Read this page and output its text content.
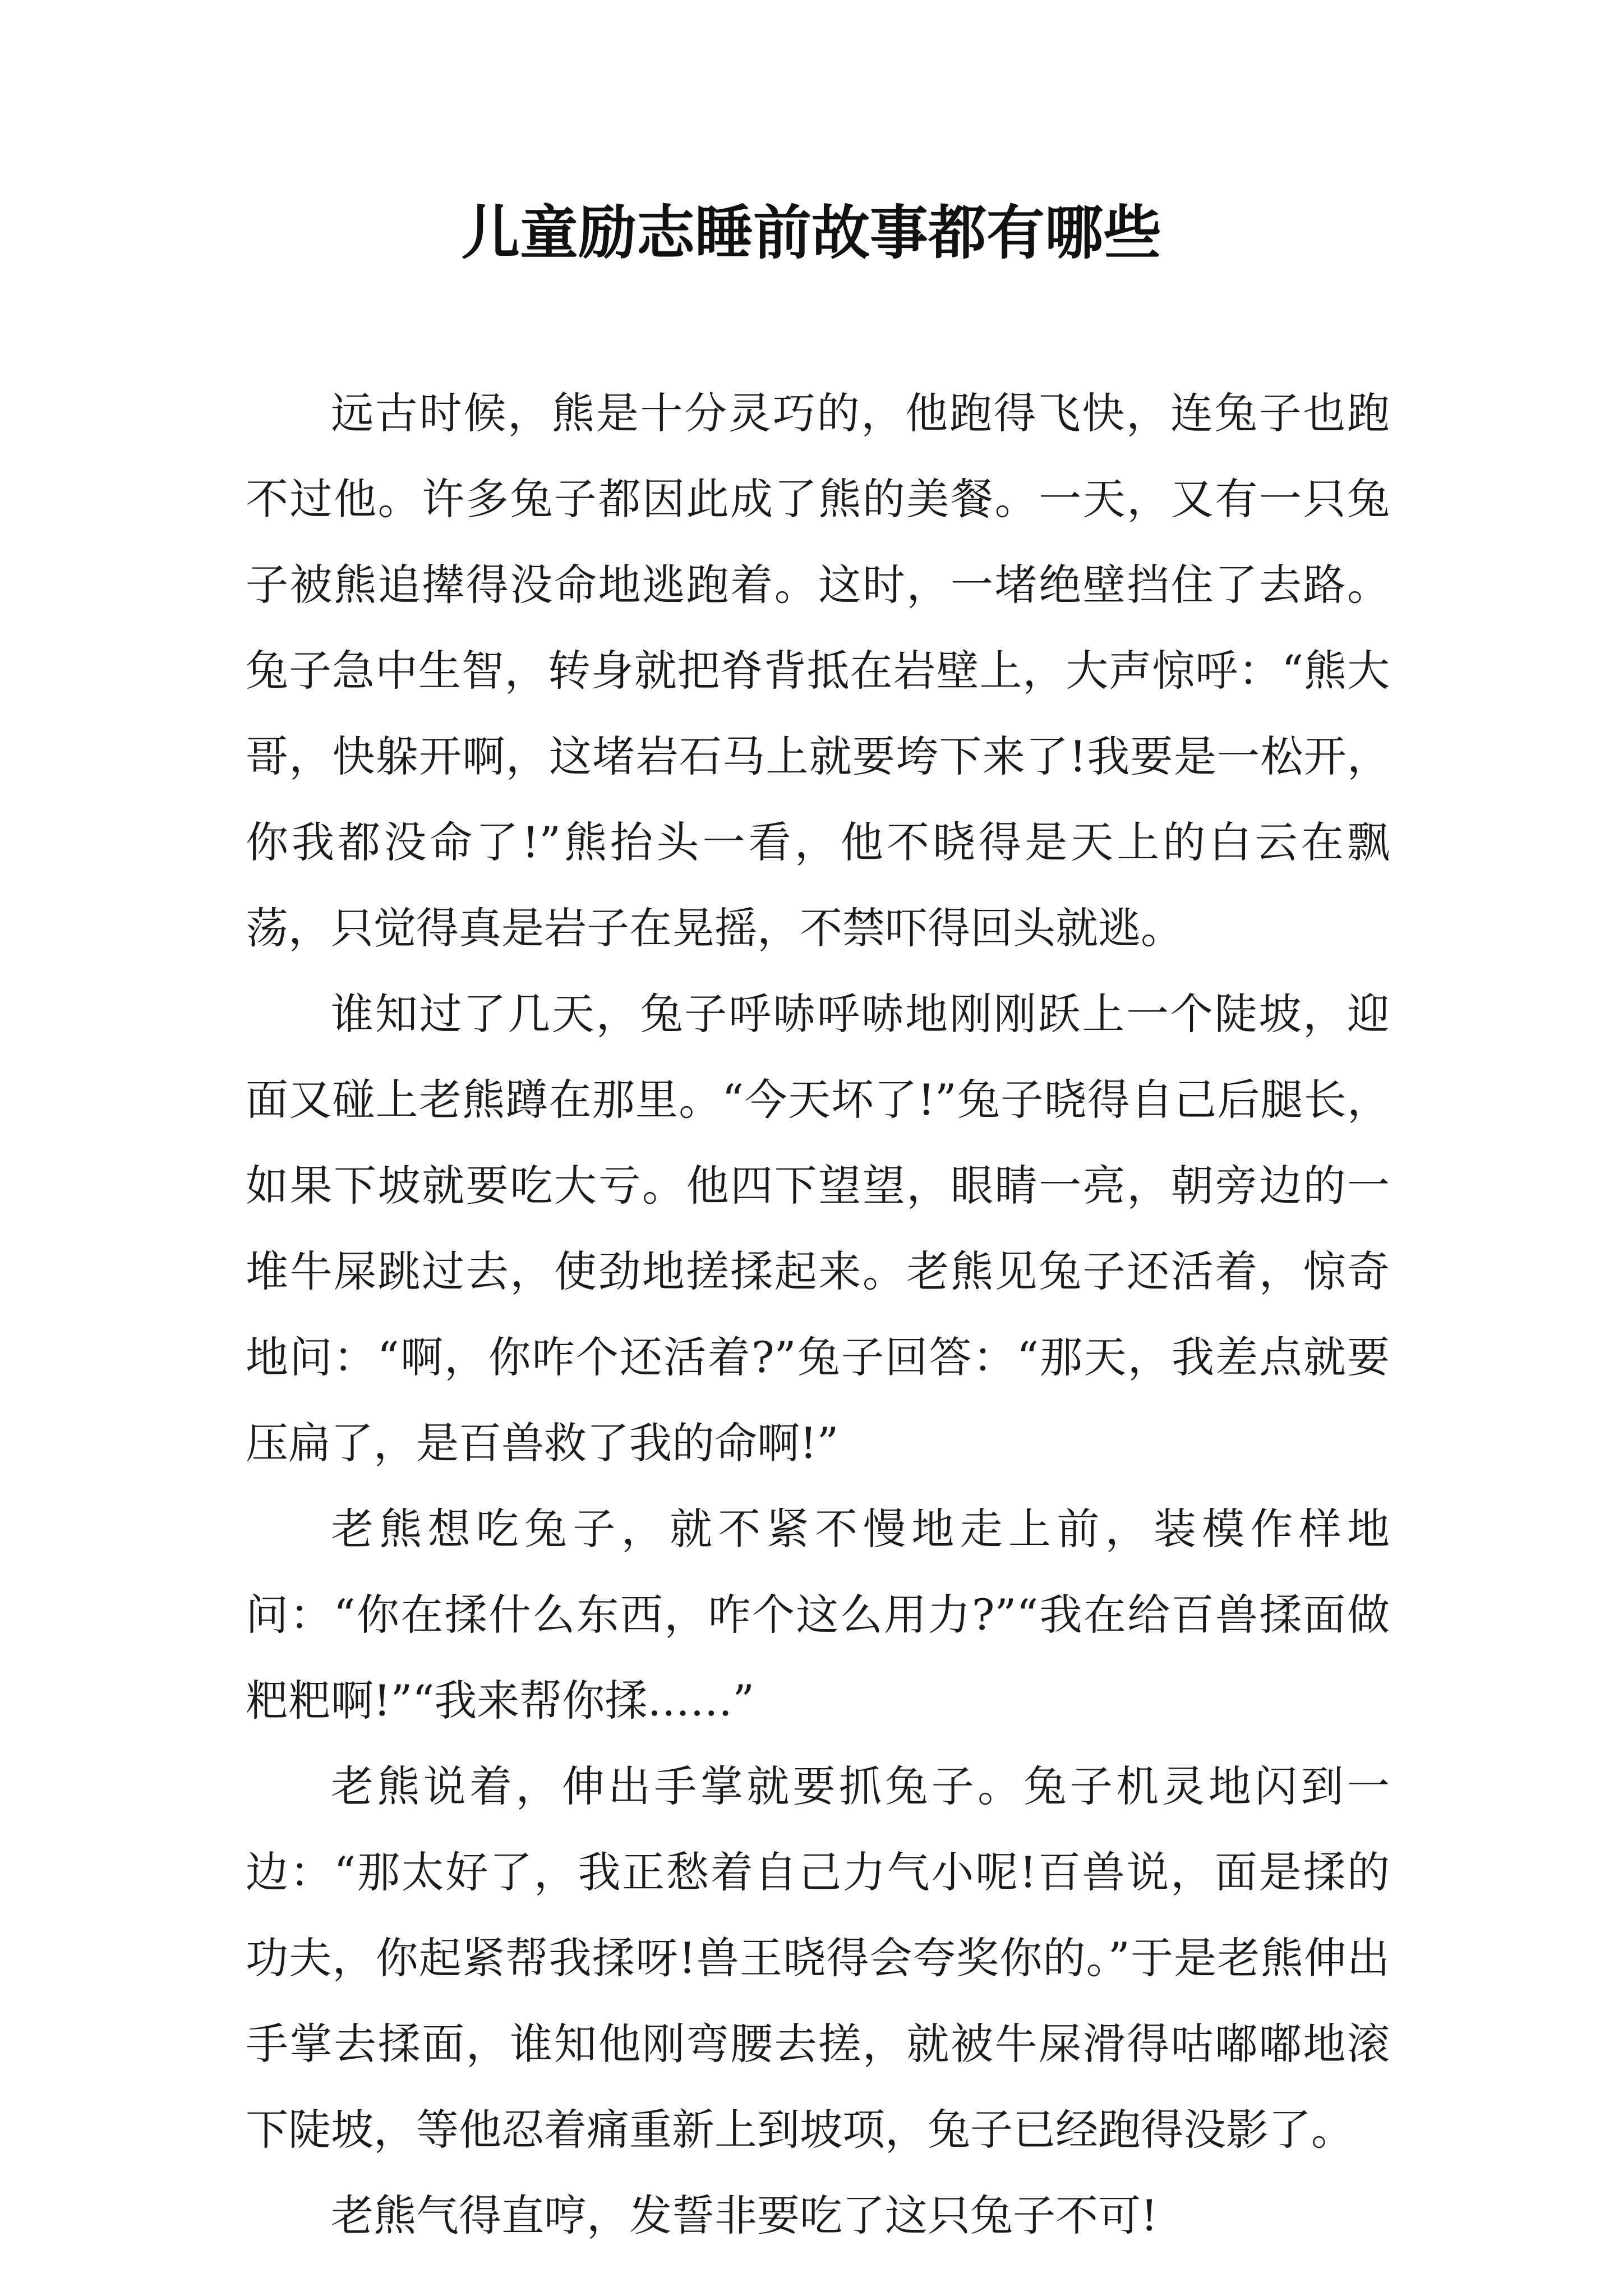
儿童励志睡前故事都有哪些

远古时候，熊是十分灵巧的，他跑得飞快，连兔子也跑不过他。许多兔子都因此成了熊的美餐。一天，又有一只兔子被熊追撵得没命地逃跑着。这时，一堵绝壁挡住了去路。兔子急中生智，转身就把脊背抵在岩壁上，大声惊呼：“熊大哥，快躲开啊，这堵岩石马上就要垮下来了!我要是一松开，你我都没命了!”熊抬头一看，他不晓得是天上的白云在飘荡，只觉得真是岩子在晃摇，不禁吓得回头就逃。

谁知过了几天，兔子呼哧呼哧地刚刚跃上一个陡坡，迎面又碰上老熊蹲在那里。“今天坏了!”兔子晓得自己后腿长，如果下坡就要吃大亏。他四下望望，眼睛一亮，朝旁边的一堆牛屎跳过去，使劲地搓揉起来。老熊见兔子还活着，惊奇地问：“啊，你咋个还活着?”兔子回答：“那天，我差点就要压扁了，是百兽救了我的命啊!”

老熊想吃兔子，就不紧不慢地走上前，装模作样地问：“你在揉什么东西，咋个这么用力?”“我在给百兽揉面做粑粑啊!”“我来帮你揉……”

老熊说着，伸出手掌就要抓兔子。兔子机灵地闪到一边：“那太好了，我正愁着自己力气小呢!百兽说，面是揉的功夫，你起紧帮我揉呀!兽王晓得会夸奖你的。”于是老熊伸出手掌去揉面，谁知他刚弯腰去搓，就被牛屎滑得咕嘟嘟地滚下陡坡，等他忍着痛重新上到坡项，兔子已经跑得没影了。

老熊气得直哼，发誓非要吃了这只兔子不可!
